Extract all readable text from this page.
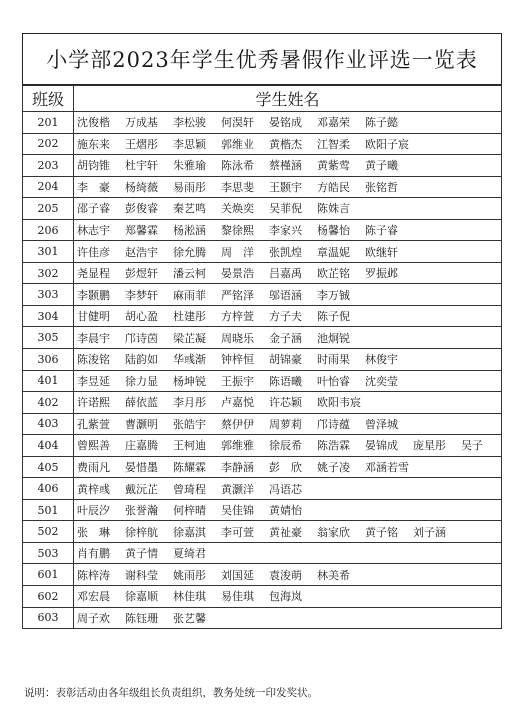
小学部2023年学生优秀暑假作业评选一览表
班级	学生姓名
201	沈俊楷 万成基 李松骏 何淏轩 晏铭成 邓嘉荣 陈子懿
202	施东来 王熠彤 李思颖 郭维业 黄楷杰 江智柔 欧阳子宸
203	胡钧锥 杜宇轩 朱雅瑜 陈泳希 蔡槿涵 黄紫莺 黄子曦
204	李　豪 杨绮薇 易雨彤 李思斐 王颢宇 方皓民 张铭哲
205	邵子睿 彭俊睿 秦艺鸣 关焕奕 吴菲倪 陈姝言
206	林志宇 郑馨霖 杨淞涵 黎徐熙 李家兴 杨馨怡 陈子睿
301	许佳彦 赵浩宇 徐允腾 周　洋 张凯煌 章温妮 欧继轩
302	尧显程 彭煜轩 潘云柯 晏景浩 吕嘉禹 欧芷铭 罗振邺
303	李颢鹏 李梦轩 麻雨菲 严铭泽 邬语涵 李万铖
304	甘健明 胡心盈 杜建彤 方梓萱 方子夫 陈子倪
305	李晨宇 邝诗茵 梁芷凝 周晓乐 金子涵 池炯锐
306	陈浚铭 陆韵如 华彧渐 钟梓恒 胡锦豪 时雨果 林俊宇
401	李昱延 徐力显 杨坤锐 王振宇 陈语曦 叶怡睿 沈奕莹
402	许诺熙 薛依蓝 李月彤 卢嘉悦 许芯颖 欧阳韦宸
403	孔紫萱 曹灏明 张皓宇 蔡伊伊 周萝莉 邝诗蕴 曾泽城
404	曾熙善 庄嘉腾 王柯迪 郭维雅 徐辰希 陈浩霖 晏锦成 庞星彤 吴子
405	费雨凡 晏惜墨 陈耀霖 李静涵 彭　欣 姚子凌 邓涵若雪
406	黄梓彧 戴沅芷 曾琦程 黄灏洋 冯语芯
501	叶辰汐 张誉瀚 何梓晴 吴佳锦 黄婧怡
502	张　琳 徐梓航 徐嘉淇 李可萱 黄祉豪 翁家欣 黄子铭 刘子涵
503	肖有鹏 黄子情 夏绮君
601	陈梓涛 谢科莹 姚雨彤 刘国延 袁浚萌 林美希
602	邓宏晨 徐嘉顺 林佳琪 易佳琪 包海岚
603	周子欢 陈钰珊 张艺馨
说明：表彰活动由各年级组长负责组织，教务处统一印发奖状。
